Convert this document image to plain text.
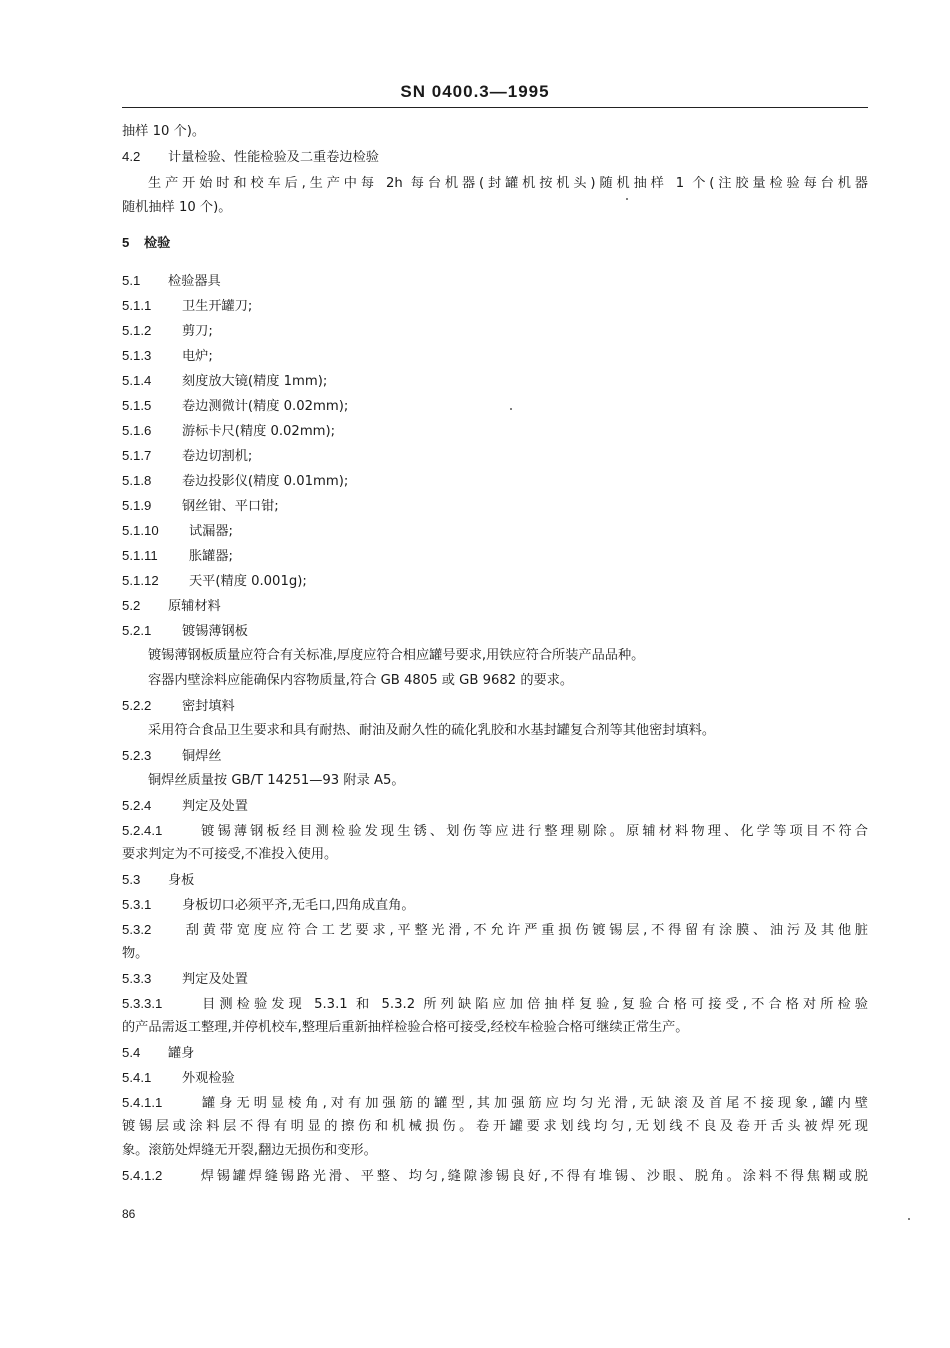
SN 0400.3—1995
抽样 10 个)。
4.2 计量检验、性能检验及二重卷边检验
生产开始时和校车后,生产中每 2h 每台机器(封罐机按机头)随机抽样 1 个(注胶量检验每台机器
随机抽样 10 个)。
5 检验
5.1 检验器具
5.1.1 卫生开罐刀;
5.1.2 剪刀;
5.1.3 电炉;
5.1.4 刻度放大镜(精度 1mm);
5.1.5 卷边测微计(精度 0.02mm);
5.1.6 游标卡尺(精度 0.02mm);
5.1.7 卷边切割机;
5.1.8 卷边投影仪(精度 0.01mm);
5.1.9 钢丝钳、平口钳;
5.1.10 试漏器;
5.1.11 胀罐器;
5.1.12 天平(精度 0.001g);
5.2 原辅材料
5.2.1 镀锡薄钢板
镀锡薄钢板质量应符合有关标准,厚度应符合相应罐号要求,用铁应符合所装产品品种。
容器内壁涂料应能确保内容物质量,符合 GB 4805 或 GB 9682 的要求。
5.2.2 密封填料
采用符合食品卫生要求和具有耐热、耐油及耐久性的硫化乳胶和水基封罐复合剂等其他密封填料。
5.2.3 铜焊丝
铜焊丝质量按 GB/T 14251—93 附录 A5。
5.2.4 判定及处置
5.2.4.1	镀锡薄钢板经目测检验发现生锈、划伤等应进行整理剔除。原辅材料物理、化学等项目不符合
要求判定为不可接受,不准投入使用。
5.3 身板
5.3.1 身板切口必须平齐,无毛口,四角成直角。
5.3.2 刮黄带宽度应符合工艺要求,平整光滑,不允许严重损伤镀锡层,不得留有涂膜、油污及其他脏
物。
5.3.3 判定及处置
5.3.3.1	目测检验发现 5.3.1 和 5.3.2 所列缺陷应加倍抽样复验,复验合格可接受,不合格对所检验
的产品需返工整理,并停机校车,整理后重新抽样检验合格可接受,经校车检验合格可继续正常生产。
5.4 罐身
5.4.1 外观检验
5.4.1.1	罐身无明显棱角,对有加强筋的罐型,其加强筋应均匀光滑,无缺滚及首尾不接现象,罐内壁
镀锡层或涂料层不得有明显的擦伤和机械损伤。卷开罐要求划线均匀,无划线不良及卷开舌头被焊死现
象。滚筋处焊缝无开裂,翻边无损伤和变形。
5.4.1.2	焊锡罐焊缝锡路光滑、平整、均匀,缝隙渗锡良好,不得有堆锡、沙眼、脱角。涂料不得焦糊或脱
86
